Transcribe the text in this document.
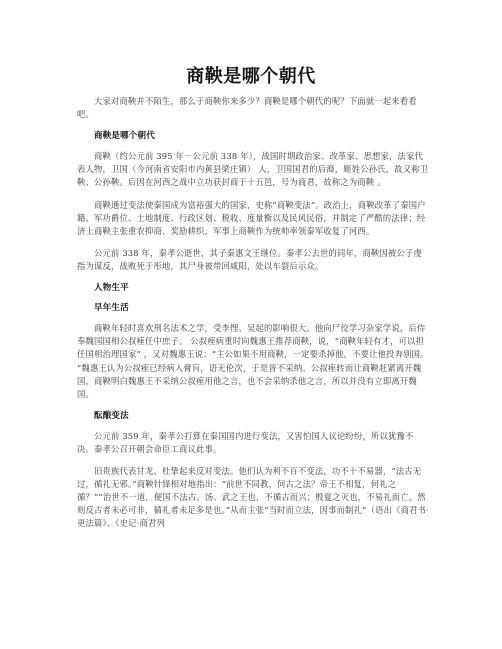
商鞅是哪个朝代

大家对商鞅并不陌生，那么于商鞅你来多少？商鞅是哪个朝代的呢？下面就一起来看看吧。

商鞅是哪个朝代

商鞅（约公元前 395 年－公元前 338 年），战国时期政治家、改革家、思想家，法家代表人物，卫国（今河南省安阳市内黄县梁庄镇） 人，卫国国君的后裔，姬姓公孙氏，故又称卫鞅、公孙鞅。后因在河西之战中立功获封商于十五邑，号为商君，故称之为商鞅 。

商鞅通过变法使秦国成为富裕强大的国家，史称“商鞅变法”。政治上，商鞅改革了秦国户籍、军功爵位、土地制度、行政区划、税收、度量衡以及民风民俗，并制定了严酷的法律；经济上商鞅主张重农抑商、奖励耕织，军事上商鞅作为统帅率领秦军收复了河西。

公元前 338 年，秦孝公逝世，其子秦惠文王继位。秦孝公去世的同年，商鞅因被公子虔指为谋反，战败死于彤地，其尸身被带回咸阳，处以车裂后示众。

人物生平
早年生活

商鞅年轻时喜欢刑名法术之学，受李悝、吴起的影响很大。他向尸佼学习杂家学说，后侍奉魏国国相公叔痤任中庶子。 公叔痤病重时向魏惠王推荐商鞅，说，“商鞅年轻有才，可以担任国相治理国家” ，又对魏惠王说：“主公如果不用商鞅，一定要杀掉他，不要让他投奔别国。 ”魏惠王认为公叔痤已经病入膏肓，语无伦次，于是皆不采纳。公叔痤转而让商鞅赶紧离开魏国，商鞅明白魏惠王不采纳公叔痤用他之言，也不会采纳杀他之言，所以并没有立即离开魏国。

酝酿变法

公元前 359 年，秦孝公打算在秦国国内进行变法，又害怕国人议论纷纷，所以犹豫不决。秦孝公召开朝会命臣工商议此事。

旧贵族代表甘龙、杜挚起来反对变法。他们认为利不百不变法，功不十不易器，“法古无过，循礼无邪。”商鞅针锋相对地指出：“前世不同教，何古之法？帝王不相复，何礼之循？”“治世不一道，便国不法古。汤、武之王也，不循古而兴；殷夏之灭也，不易礼而亡。然则反古者未必可非，循礼者未足多是也。”从而主张“当时而立法，因事而制礼”（语出《商君书·更法篇》、《史记·商君列
